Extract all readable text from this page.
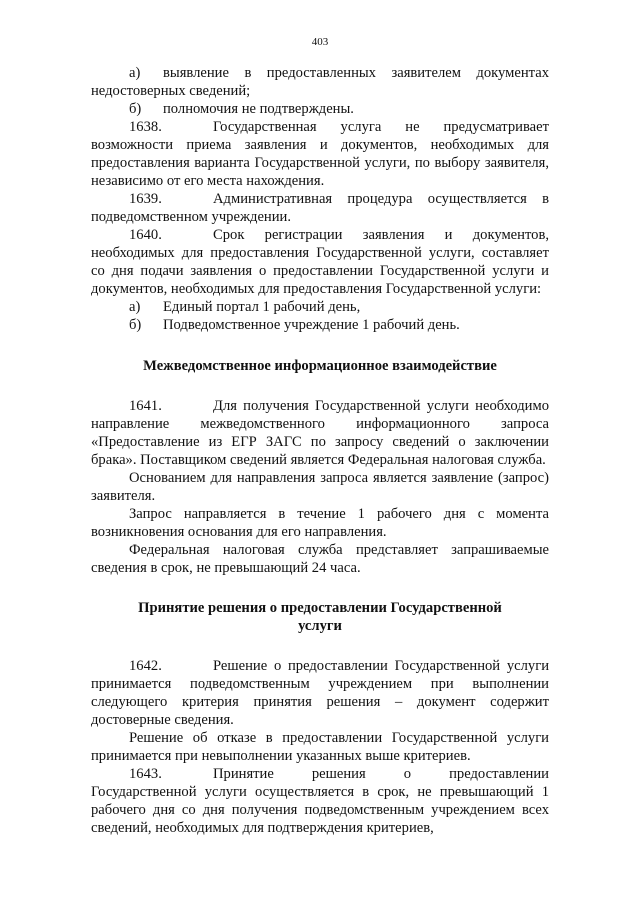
403

а) выявление в предоставленных заявителем документах недостоверных сведений;

б) полномочия не подтверждены.

1638.	Государственная услуга не предусматривает возможности приема заявления и документов, необходимых для предоставления варианта Государственной услуги, по выбору заявителя, независимо от его места нахождения.

1639.	Административная процедура осуществляется в подведомственном учреждении.

1640.	Срок регистрации заявления и документов, необходимых для предоставления Государственной услуги, составляет со дня подачи заявления о предоставлении Государственной услуги и документов, необходимых для предоставления Государственной услуги:

а) Единый портал 1 рабочий день,

б) Подведомственное учреждение 1 рабочий день.

Межведомственное информационное взаимодействие

1641.	Для получения Государственной услуги необходимо направление межведомственного информационного запроса «Предоставление из ЕГР ЗАГС по запросу сведений о заключении брака». Поставщиком сведений является Федеральная налоговая служба.

Основанием для направления запроса является заявление (запрос) заявителя.

Запрос направляется в течение 1 рабочего дня с момента возникновения основания для его направления.

Федеральная налоговая служба представляет запрашиваемые сведения в срок, не превышающий 24 часа.

Принятие решения о предоставлении Государственной услуги

1642.	Решение о предоставлении Государственной услуги принимается подведомственным учреждением при выполнении следующего критерия принятия решения – документ содержит достоверные сведения.

Решение об отказе в предоставлении Государственной услуги принимается при невыполнении указанных выше критериев.

1643.	Принятие решения о предоставлении Государственной услуги осуществляется в срок, не превышающий 1 рабочего дня со дня получения подведомственным учреждением всех сведений, необходимых для подтверждения критериев,
